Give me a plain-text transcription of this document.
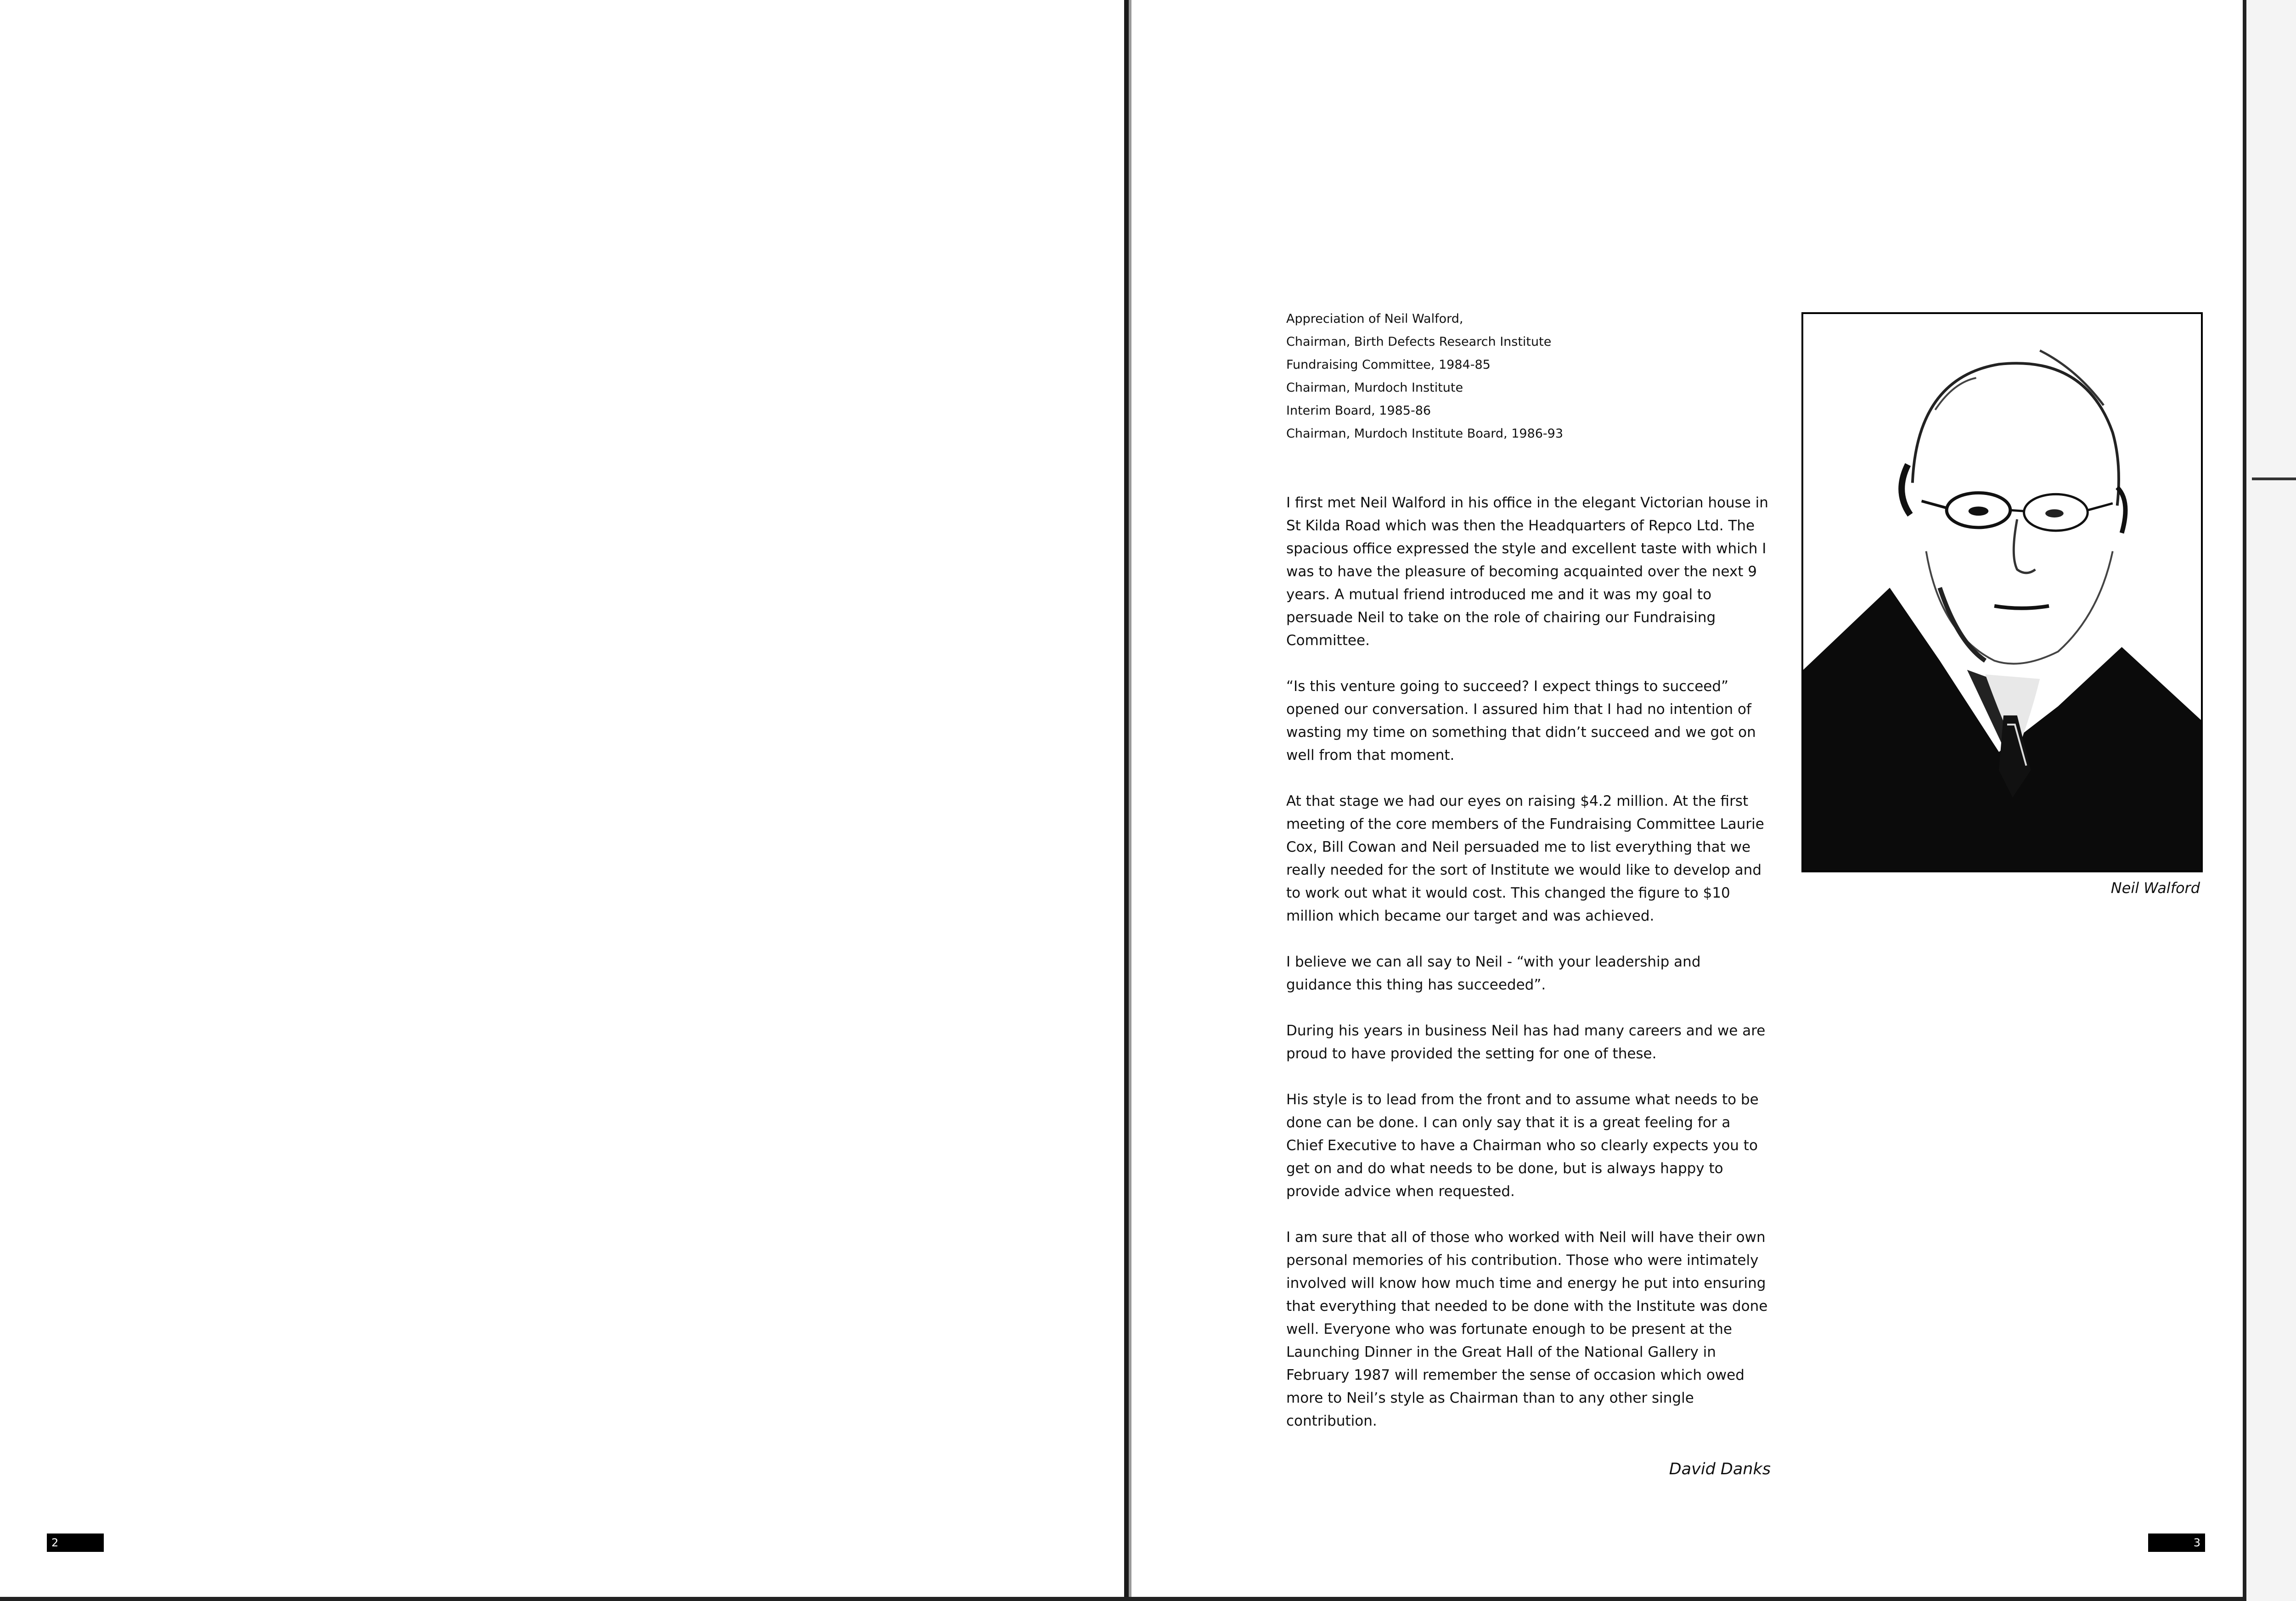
2	3
Appreciation of Neil Walford,
Chairman, Birth Defects Research Institute
Fundraising Committee, 1984-85
Chairman, Murdoch Institute
Interim Board, 1985-86
Chairman, Murdoch Institute Board, 1986-93

I first met Neil Walford in his office in the elegant Victorian house in St Kilda Road which was then the Headquarters of Repco Ltd. The spacious office expressed the style and excellent taste with which I was to have the pleasure of becoming acquainted over the next 9 years. A mutual friend introduced me and it was my goal to persuade Neil to take on the role of chairing our Fundraising Committee.

“Is this venture going to succeed? I expect things to succeed” opened our conversation. I assured him that I had no intention of wasting my time on something that didn’t succeed and we got on well from that moment.

At that stage we had our eyes on raising $4.2 million. At the first meeting of the core members of the Fundraising Committee Laurie Cox, Bill Cowan and Neil persuaded me to list everything that we really needed for the sort of Institute we would like to develop and to work out what it would cost. This changed the figure to $10 million which became our target and was achieved.

I believe we can all say to Neil - “with your leadership and guidance this thing has succeeded”.

During his years in business Neil has had many careers and we are proud to have provided the setting for one of these.

His style is to lead from the front and to assume what needs to be done can be done. I can only say that it is a great feeling for a Chief Executive to have a Chairman who so clearly expects you to get on and do what needs to be done, but is always happy to provide advice when requested.

I am sure that all of those who worked with Neil will have their own personal memories of his contribution. Those who were intimately involved will know how much time and energy he put into ensuring that everything that needed to be done with the Institute was done well. Everyone who was fortunate enough to be present at the Launching Dinner in the Great Hall of the National Gallery in February 1987 will remember the sense of occasion which owed more to Neil’s style as Chairman than to any other single contribution.

Neil Walford
David Danks
